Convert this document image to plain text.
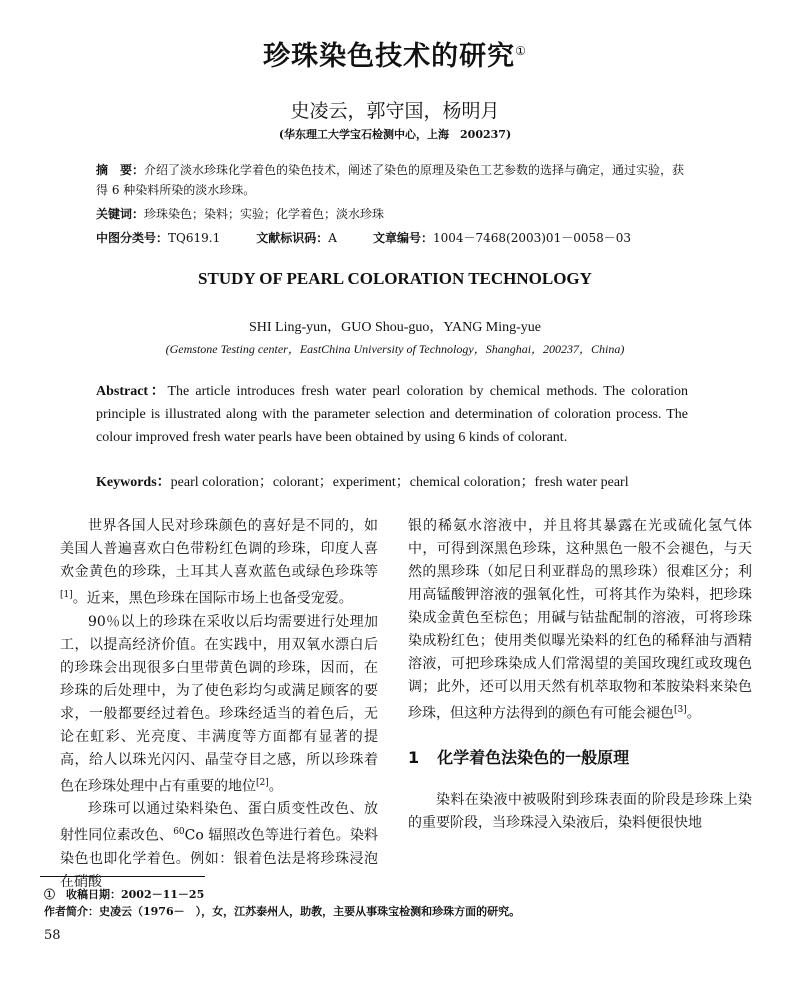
珍珠染色技术的研究①
史凌云，郭守国，杨明月
(华东理工大学宝石检测中心，上海　200237)
摘　要：介绍了淡水珍珠化学着色的染色技术，阐述了染色的原理及染色工艺参数的选择与确定，通过实验，获得 6 种染料所染的淡水珍珠。
关键词：珍珠染色；染料；实验；化学着色；淡水珍珠
中图分类号：TQ619.1　　　	文献标识码：A　　　	文章编号：1004－7468(2003)01－0058－03
STUDY OF PEARL COLORATION TECHNOLOGY
SHI Ling-yun，GUO Shou-guo，YANG Ming-yue
(Gemstone Testing center，EastChina University of Technology，Shanghai，200237，China)
Abstract：The article introduces fresh water pearl coloration by chemical methods. The coloration principle is illustrated along with the parameter selection and determination of coloration process. The colour improved fresh water pearls have been obtained by using 6 kinds of colorant.
Keywords：pearl coloration；colorant；experiment；chemical coloration；fresh water pearl

世界各国人民对珍珠颜色的喜好是不同的，如美国人普遍喜欢白色带粉红色调的珍珠，印度人喜欢金黄色的珍珠，土耳其人喜欢蓝色或绿色珍珠等[1]。近来，黑色珍珠在国际市场上也备受宠爱。

90％以上的珍珠在采收以后均需要进行处理加工，以提高经济价值。在实践中，用双氧水漂白后的珍珠会出现很多白里带黄色调的珍珠，因而，在珍珠的后处理中，为了使色彩均匀或满足顾客的要求，一般都要经过着色。珍珠经适当的着色后，无论在虹彩、光亮度、丰满度等方面都有显著的提高，给人以珠光闪闪、晶莹夺目之感，所以珍珠着色在珍珠处理中占有重要的地位[2]。

珍珠可以通过染料染色、蛋白质变性改色、放射性同位素改色、$^{60}$Co 辐照改色等进行着色。染料染色也即化学着色。例如：银着色法是将珍珠浸泡在硝酸

银的稀氨水溶液中，并且将其暴露在光或硫化氢气体中，可得到深黑色珍珠，这种黑色一般不会褪色，与天然的黑珍珠（如尼日利亚群岛的黑珍珠）很难区分；利用高锰酸钾溶液的强氧化性，可将其作为染料，把珍珠染成金黄色至棕色；用碱与钴盐配制的溶液，可将珍珠染成粉红色；使用类似曝光染料的红色的稀释油与酒精溶液，可把珍珠染成人们常渴望的美国玫瑰红或玫瑰色调；此外，还可以用天然有机萃取物和苯胺染料来染色珍珠，但这种方法得到的颜色有可能会褪色[3]。

1 化学着色法染色的一般原理

染料在染液中被吸附到珍珠表面的阶段是珍珠上染的重要阶段，当珍珠浸入染液后，染料便很快地

①　收稿日期：2002－11－25
作者简介：史凌云（1976－　），女，江苏泰州人，助教，主要从事珠宝检测和珍珠方面的研究。
58
